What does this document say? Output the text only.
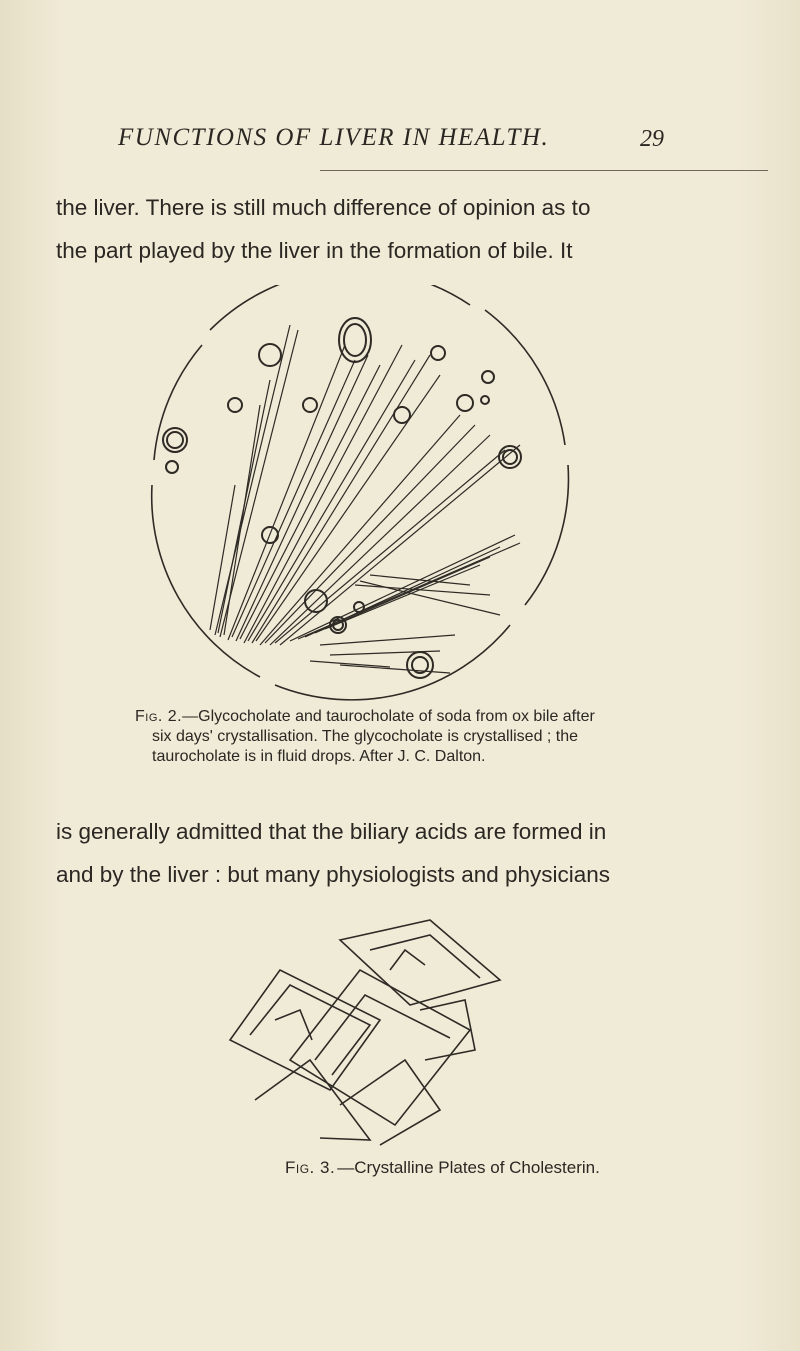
FUNCTIONS OF LIVER IN HEALTH.	29
the liver. There is still much difference of opinion as to
the part played by the liver in the formation of bile. It
Fig. 2.—Glycocholate and taurocholate of soda from ox bile after
six days' crystallisation. The glycocholate is crystallised ; the
taurocholate is in fluid drops. After J. C. Dalton.
is generally admitted that the biliary acids are formed in
and by the liver : but many physiologists and physicians
Fig. 3. —Crystalline Plates of Cholesterin.
